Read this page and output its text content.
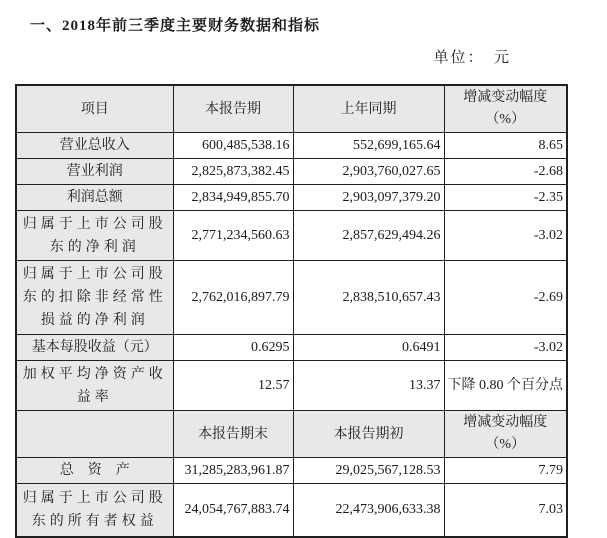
一、2018年前三季度主要财务数据和指标
单位：　元
项目	本报告期	上年同期	增减变动幅度
（%）

营业总收入	600,485,538.16	552,699,165.64	8.65
营业利润	2,825,873,382.45	2,903,760,027.65	-2.68
利润总额	2,834,949,855.70	2,903,097,379.20	-2.35
归属于上市公司股东的净利润	2,771,234,560.63	2,857,629,494.26	-3.02
归属于上市公司股东的扣除非经常性损益的净利润	2,762,016,897.79	2,838,510,657.43	-2.69
基本每股收益（元）	0.6295	0.6491	-3.02
加权平均净资产收益率	12.57	13.37	下降 0.80 个百分点
	本报告期末	本报告期初	增减变动幅度
（%）

总　资　产	31,285,283,961.87	29,025,567,128.53	7.79
归属于上市公司股东的所有者权益	24,054,767,883.74	22,473,906,633.38	7.03
